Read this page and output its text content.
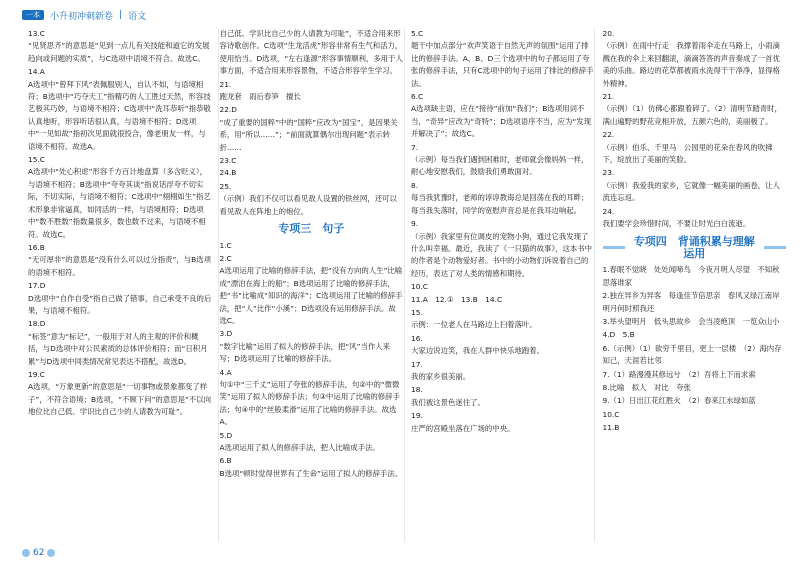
一本	小升初冲刺新卷 | 语文
13.C
“见贤思齐”的意思是“见到一点儿有关技能和道它的发展趋向或问题的实质”，与C选项中语境不符合。故选C。
14.A
A选项中“曾拜下风”表佩服别人，自认不如，与语境相符；B选项中“巧夺天工”指精巧的人工胜过天然，形容技艺极其巧妙，与语境不相符；C选项中“洗耳恭听”指恭敬认真地听，形容听话很认真，与语境不相符；D选项中“一见如故”指初次见面就很投合，像老朋友一样，与语境不相符。故选A。
15.C
A选项中“处心积虑”形容千方百计地盘算（多含贬义），与语境不相符；B选项中“夸夸其谈”指说话浮夸不切实际，不切实际，与语境不相符；C选项中“栩栩如生”指艺术形象非常逼真，如同活的一样，与语境相符；D选项中“数不胜数”指数量很多，数也数不过来，与语境不相符。故选C。
16.B
“无可厚非”的意思是“没有什么可以过分指责”，与B选项的语境不相符。
17.D
D选项中“自作自受”指自己做了错事，自己承受不良的后果，与语境不相符。
18.D
“标签”意为“标记”，一般用于对人的主观的评价和概括，与D选项中对公民素质的总体评价相符；而“日积月累”与D选项中同类情况常见表达不搭配，故选D。
19.C
A选项，“万象更新”的意思是“一切事物或景象都变了样子”，不符合语境；B选项，“不顾下问”的意思是“不以向地位比自己低、学识比自己少的人请教为可耻”。
自己低、学识比自己少的人请教为可耻”，不适合用来形容诗歌创作。C选项“生龙活虎”形容非常有生气和活力，使用恰当。D选项，“左右逢源”形容事情顺利，多用于人事方面，不适合用来形容景物，不适合形容学生学习。
21.
跑龙套　雨后春笋　擅长
22.D
“成了重要的国粹”中的“国粹”应改为“国宝”，是因果关系，用“所以……”；“前面就算偶尔出现问题”表示转折……
23.C
24.B
25.
（示例）我们不仅可以看见敌人设置的铁丝网，还可以看见敌人在阵地上的炮位。
专项三　句子
1.C
2.C
A选项运用了比喻的修辞手法，把“没有方向的人生”比喻成“漂泊在海上的船”；B选项运用了比喻的修辞手法，把“书”比喻成“知识的海洋”；C选项运用了比喻的修辞手法，把“人”比作“小溪”；D选项没有运用修辞手法。故选C。
3.D
“数字比喻”运用了拟人的修辞手法，把“风”当作人来写；D选项运用了比喻的修辞手法。
4.A
句①中“三千丈”运用了夸张的修辞手法，句②中的“微微笑”运用了拟人的修辞手法；句③中运用了比喻的修辞手法；句④中的“丝般柔滑”运用了比喻的修辞手法。故选A。
5.D
A选项运用了拟人的修辞手法，把人比喻成手法。
6.B
B选项“顿时觉得世界有了生命”运用了拟人的修辞手法。
5.C
题干中加点部分“欢声笑语于自然无声的氛围”运用了排比的修辞手法。A、B、D三个选项中的句子都运用了夸张的修辞手法，只有C选项中的句子运用了排比的修辞手法。
6.C
A选项缺主语，应在“接待”前加“我们”；B选项用词不当，“奇异”应改为“奇特”；D选项语序不当，应为“发现并解决了”；故选C。
7.
（示例）每当我们遇到困难时，老师就会像妈妈一样，耐心地安慰我们，鼓励我们勇敢面对。
8.
每当我犹豫时，老师的谆谆教诲总是回荡在我的耳畔；每当我失落时，同学的宽慰声音总是在我耳边响起。
9.
（示例）我家里有位调皮的宠物小狗，通过它我发现了什么叫幸福。最近，我读了《一只猫的故事》，这本书中的作者是个动物爱好者。书中的小动物们诉说着自己的经历，表达了对人类的情感和期待。
10.C
11.A　12.①　13.B　14.C
15.
示例：一位老人在马路边上扫着落叶。
16.
大家边说边笑，我在人群中快乐地跑着。
17.
我的家乡很美丽。
18.
我们被这景色迷住了。
19.
庄严的宫殿坐落在广场的中央。
20.
（示例）在雨中行走　我撑着雨伞走在马路上，小雨滴溅在我的伞上来回翻滚，滴滴答答的声音奏成了一首优美的乐曲。路边的花草都被雨水洗得干干净净，显得格外精神。
21.
（示例）（1）仿佛心都跟着碎了。（2）清明节踏青时，满山遍野的野花竞相开放，五颜六色的，美丽极了。
22.
（示例）伯乐、千里马　公园里的花朵在春风的吹拂下，绽放出了美丽的笑脸。
23.
（示例）我爱我的家乡，它就像一幅美丽的画卷，让人流连忘返。
24.
我们要学会珍惜时间，不要让时光白白流逝。
专项四　背诵积累与理解运用
1.春眠不觉晓　处处闻啼鸟　今夜月明人尽望　不知秋思落谁家
2.独在异乡为异客　每逢佳节倍思亲　春风又绿江南岸　明月何时照我还
3.举头望明月　低头思故乡　会当凌绝顶　一览众山小
4.D　5.B
6.（示例）（1）欲穷千里目，更上一层楼　（2）海内存知己，天涯若比邻
7.（1）路漫漫其修远兮　（2）吾将上下而求索
8.比喻　拟人　对比　夸张
9.（1）日出江花红胜火　（2）春来江水绿如蓝
10.C
11.B
62
